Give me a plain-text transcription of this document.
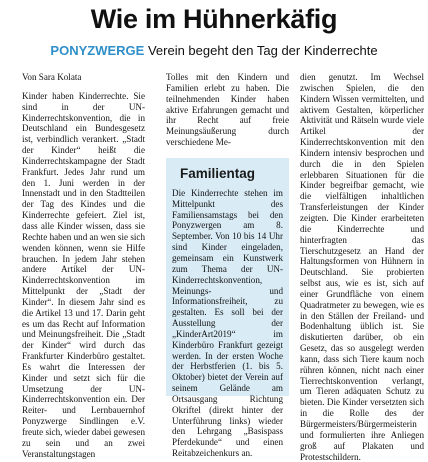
Wie im Hühnerkäfig
PONYZWERGE Verein begeht den Tag der Kinderrechte

Von Sara Kolata

Kinder haben Kinderrechte. Sie sind in der UN-Kinderrechtskonvention, die in Deutschland ein Bundesgesetz ist, verbindlich verankert. „Stadt der Kinder“ heißt die Kinderrechtskampagne der Stadt Frankfurt. Jedes Jahr rund um den 1. Juni werden in der Innenstadt und in den Stadtteilen der Tag des Kindes und die Kinderrechte gefeiert. Ziel ist, dass alle Kinder wissen, dass sie Rechte haben und an wen sie sich wenden können, wenn sie Hilfe brauchen. In jedem Jahr stehen andere Artikel der UN-Kinderrechtskonvention im Mittelpunkt der „Stadt der Kinder“. In diesem Jahr sind es die Artikel 13 und 17. Darin geht es um das Recht auf Information und Meinungsfreiheit. Die „Stadt der Kinder“ wird durch das Frankfurter Kinderbüro gestaltet. Es wahrt die Interessen der Kinder und setzt sich für die Umsetzung der UN-Kinderrechtskonvention ein. Der Reiter- und Lernbauernhof Ponyzwerge Sindlingen e.V. freute sich, wieder dabei gewesen zu sein und an zwei Veranstaltungstagen

Tolles mit den Kindern und Familien erlebt zu haben. Die teilnehmenden Kinder haben aktive Erfahrungen gemacht und ihr Recht auf freie Meinungsäußerung durch verschiedene Me-

Familientag
Die Kinderrechte stehen im Mittelpunkt des Familiensamstags bei den Ponyzwergen am 8. September. Von 10 bis 14 Uhr sind Kinder eingeladen, gemeinsam ein Kunstwerk zum Thema der UN-Kinderrechtskonvention, Meinungs- und Informationsfreiheit, zu gestalten. Es soll bei der Ausstellung der „KinderArt2019“ im Kinderbüro Frankfurt gezeigt werden. In der ersten Woche der Herbstferien (1. bis 5. Oktober) bietet der Verein auf seinem Gelände am Ortsausgang Richtung Okriftel (direkt hinter der Unterführung links) wieder den Lehrgang „Basispass Pferdekunde“ und einen Reitabzeichenkurs an.

dien genutzt. Im Wechsel zwischen Spielen, die den Kindern Wissen vermittelten, und aktivem Gestalten, körperlicher Aktivität und Rätseln wurde viele Artikel der Kinderrechtskonvention mit den Kindern intensiv besprochen und durch die in den Spielen erlebbaren Situationen für die Kinder begreifbar gemacht, wie die vielfältigen inhaltlichen Transferleistungen der Kinder zeigten. Die Kinder erarbeiteten die Kinderrechte und hinterfragten das Tierschutzgesetz an Hand der Haltungsformen von Hühnern in Deutschland. Sie probierten selbst aus, wie es ist, sich auf einer Grundfläche von einem Quadratmeter zu bewegen, wie es in den Ställen der Freiland- und Bodenhaltung üblich ist. Sie diskutierten darüber, ob ein Gesetz, das so ausgelegt werden kann, dass sich Tiere kaum noch rühren können, nicht nach einer Tierrechtskonvention verlangt, um Tieren adäquaten Schutz zu bieten. Die Kinder versetzten sich in die Rolle des der Bürgermeisters/Bürgermeisterin und formulierten ihre Anliegen groß auf Plakaten und Protestschildern.
